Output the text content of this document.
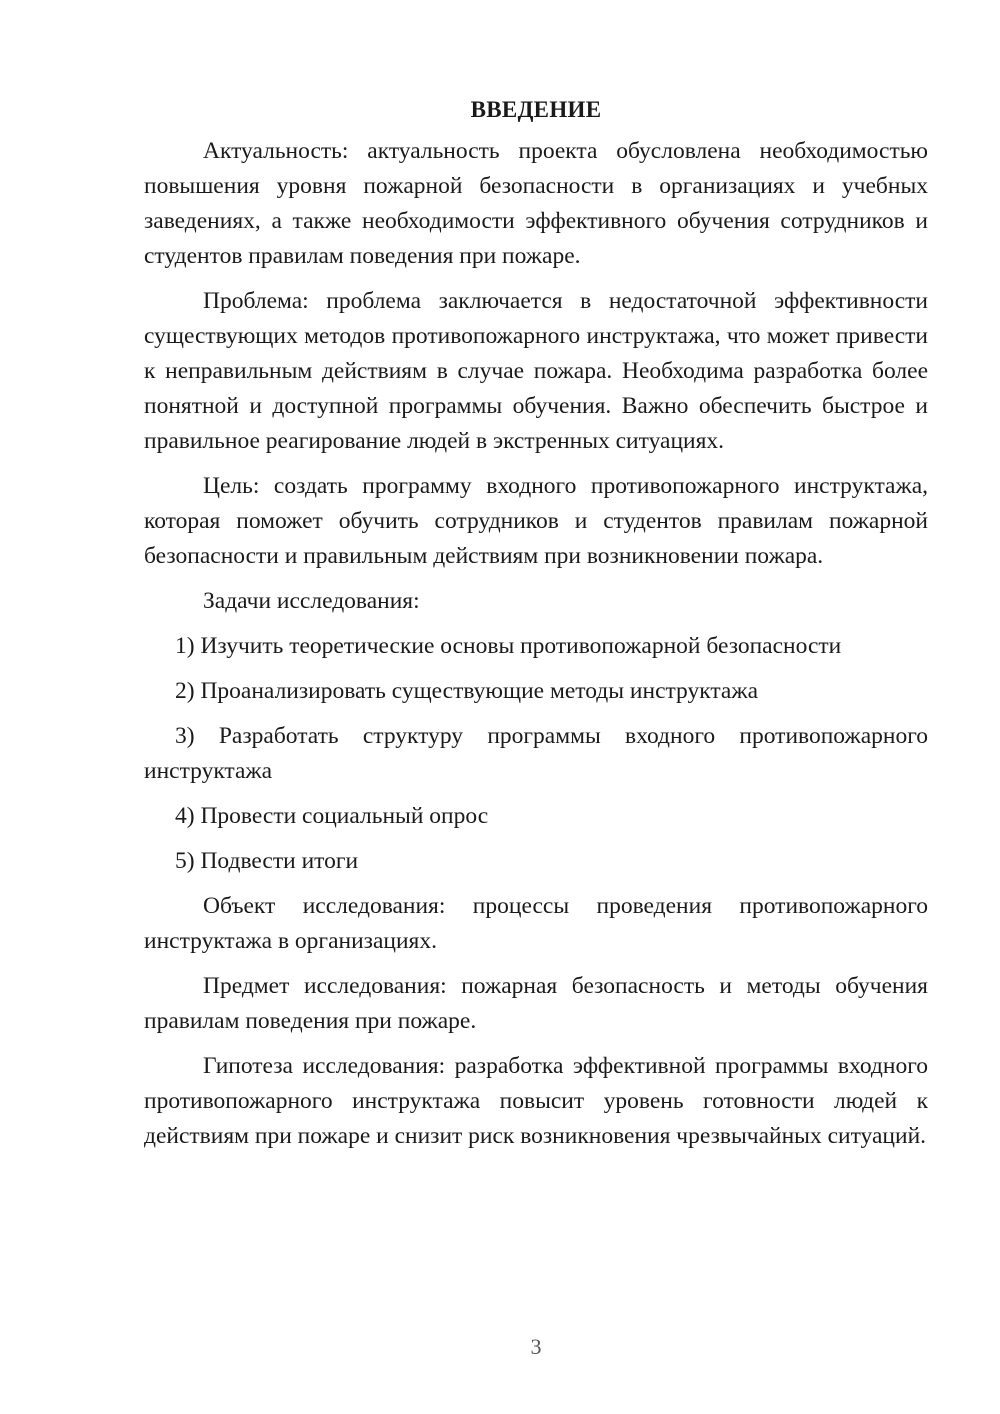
ВВЕДЕНИЕ

Актуальность: актуальность проекта обусловлена необходимостью повышения уровня пожарной безопасности в организациях и учебных заведениях, а также необходимости эффективного обучения сотрудников и студентов правилам поведения при пожаре.

Проблема: проблема заключается в недостаточной эффективности существующих методов противопожарного инструктажа, что может привести к неправильным действиям в случае пожара. Необходима разработка более понятной и доступной программы обучения. Важно обеспечить быстрое и правильное реагирование людей в экстренных ситуациях.

Цель: создать программу входного противопожарного инструктажа, которая поможет обучить сотрудников и студентов правилам пожарной безопасности и правильным действиям при возникновении пожара.

Задачи исследования:

1) Изучить теоретические основы противопожарной безопасности

2) Проанализировать существующие методы инструктажа

3) Разработать структуру программы входного противопожарного инструктажа

4) Провести социальный опрос

5) Подвести итоги

Объект исследования: процессы проведения противопожарного инструктажа в организациях.

Предмет исследования: пожарная безопасность и методы обучения правилам поведения при пожаре.

Гипотеза исследования: разработка эффективной программы входного противопожарного инструктажа повысит уровень готовности людей к действиям при пожаре и снизит риск возникновения чрезвычайных ситуаций.

3
